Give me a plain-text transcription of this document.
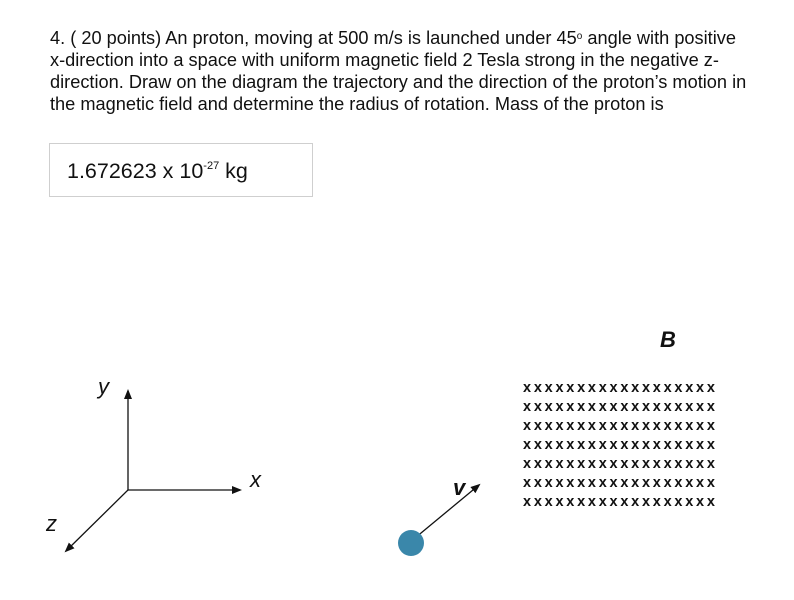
4. ( 20 points) An proton, moving at 500 m/s is launched under 45$^o$ angle with positive x-direction into a space with uniform magnetic field 2 Tesla strong in the negative z-direction. Draw on the diagram the trajectory and the direction of the proton’s motion in the magnetic field and determine the radius of rotation. Mass of the proton is

1.672623 x $10^{-27}$ kg
y
x
z
v
B
xxxxxxxxxxxxxxxxxx
xxxxxxxxxxxxxxxxxx
xxxxxxxxxxxxxxxxxx
xxxxxxxxxxxxxxxxxx
xxxxxxxxxxxxxxxxxx
xxxxxxxxxxxxxxxxxx
xxxxxxxxxxxxxxxxxx
